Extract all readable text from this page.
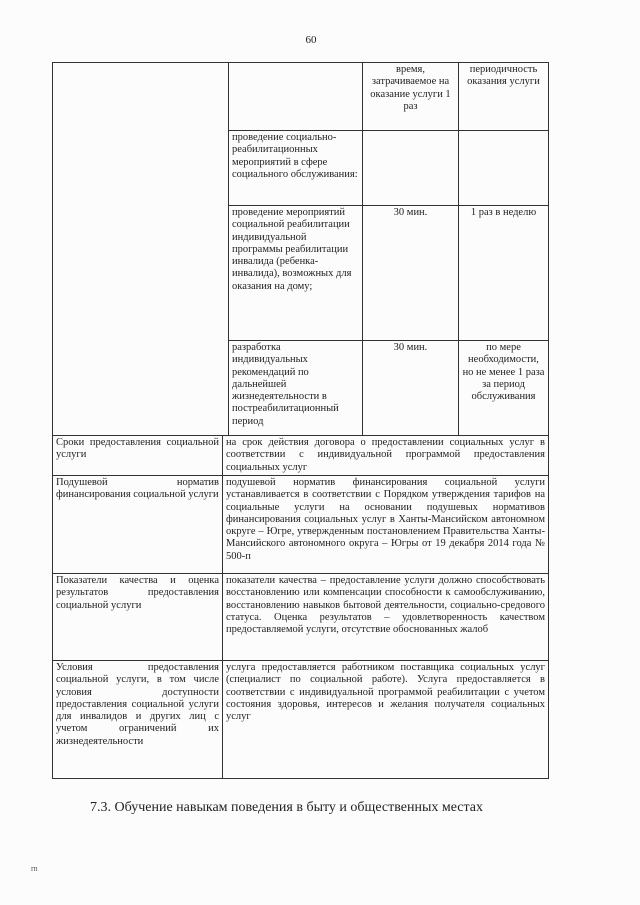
60
		время, затрачиваемое на оказание услуги 1 раз	периодичность оказания услуги
	проведение социально-реабилитационных мероприятий в сфере социального обслуживания:		
	проведение мероприятий социальной реабилитации индивидуальной программы реабилитации инвалида (ребенка-инвалида), возможных для оказания на дому;	30 мин.	1 раз в неделю
	разработка индивидуальных рекомендаций по дальнейшей жизнедеятельности в постреабилитационный период	30 мин.	по мере необходимости, но не менее 1 раза за период обслуживания
Сроки предоставления социальной услуги	на срок действия договора о предоставлении социальных услуг в соответствии с индивидуальной программой предоставления социальных услуг
Подушевой норматив финансирования социальной услуги	подушевой норматив финансирования социальной услуги устанавливается в соответствии с Порядком утверждения тарифов на социальные услуги на основании подушевых нормативов финансирования социальных услуг в Ханты-Мансийском автономном округе – Югре, утвержденным постановлением Правительства Ханты-Мансийского автономного округа – Югры от 19 декабря 2014 года № 500-п
Показатели качества и оценка результатов предоставления социальной услуги	показатели качества – предоставление услуги должно способствовать восстановлению или компенсации способности к самообслуживанию, восстановлению навыков бытовой деятельности, социально-средового статуса. Оценка результатов – удовлетворенность качеством предоставляемой услуги, отсутствие обоснованных жалоб
Условия предоставления социальной услуги, в том числе условия доступности предоставления социальной услуги для инвалидов и других лиц с учетом ограничений их жизнедеятельности	услуга предоставляется работником поставщика социальных услуг (специалист по социальной работе). Услуга предоставляется в соответствии с индивидуальной программой реабилитации с учетом состояния здоровья, интересов и желания получателя социальных услуг
7.3. Обучение навыкам поведения в быту и общественных местах
rn
